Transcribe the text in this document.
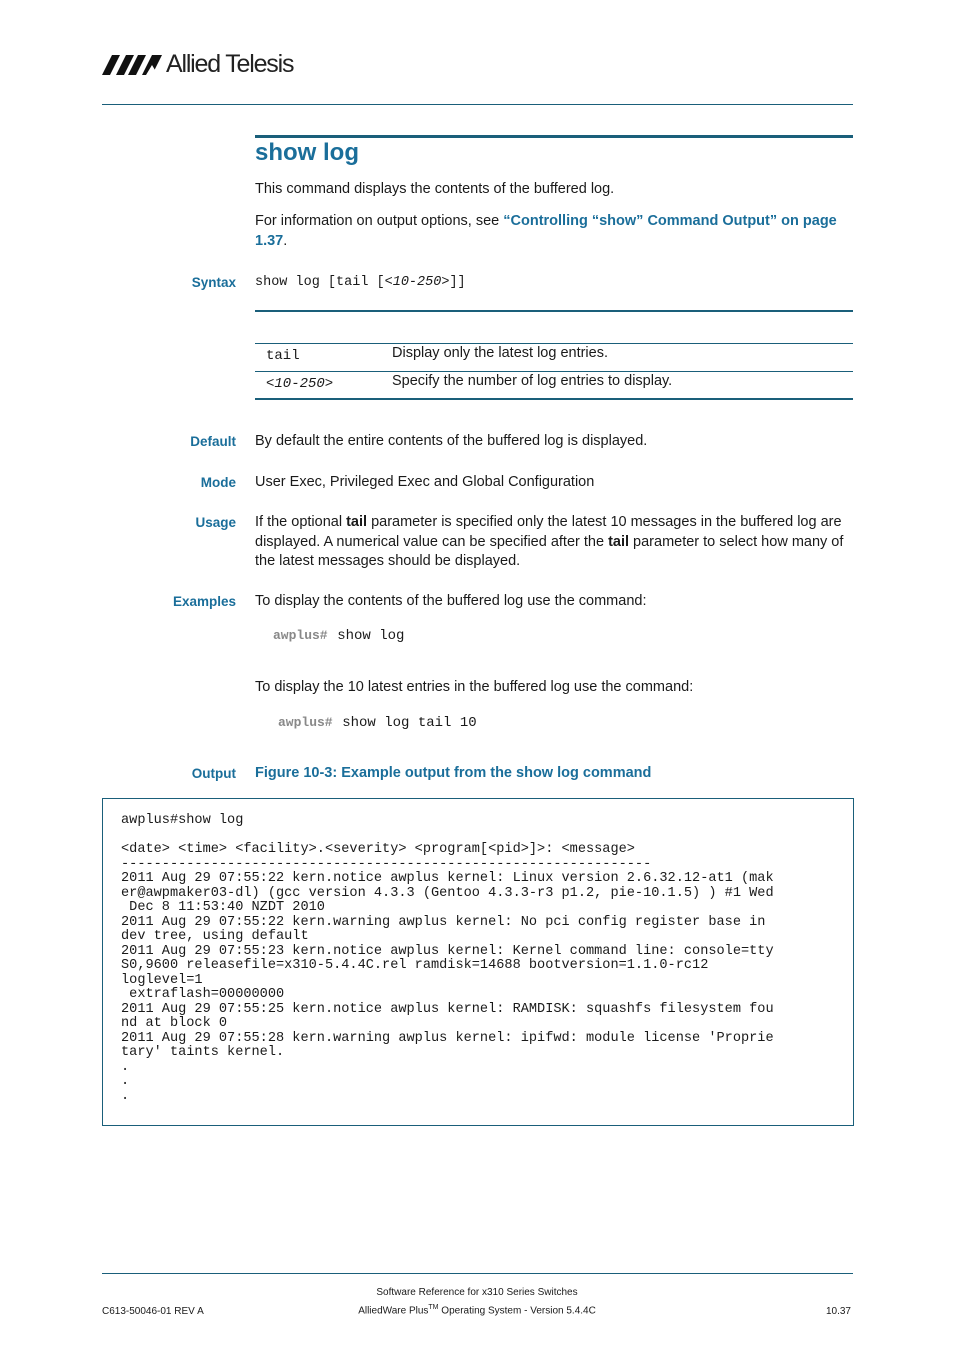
Allied Telesis
show log
This command displays the contents of the buffered log.
For information on output options, see “Controlling “show” Command Output” on page 1.37.
Syntax show log [tail [<10-250>]]
tail	Display only the latest log entries.
<10-250>	Specify the number of log entries to display.
Default By default the entire contents of the buffered log is displayed.
Mode User Exec, Privileged Exec and Global Configuration
Usage If the optional tail parameter is specified only the latest 10 messages in the buffered log are displayed. A numerical value can be specified after the tail parameter to select how many of the latest messages should be displayed.
Examples To display the contents of the buffered log use the command:
awplus# show log
To display the 10 latest entries in the buffered log use the command:
awplus# show log tail 10
Output Figure 10-3: Example output from the show log command
awplus#show log

<date> <time> <facility>.<severity> <program[<pid>]>: <message>
-----------------------------------------------------------------
2011 Aug 29 07:55:22 kern.notice awplus kernel: Linux version 2.6.32.12-at1 (mak
er@awpmaker03-dl) (gcc version 4.3.3 (Gentoo 4.3.3-r3 p1.2, pie-10.1.5) ) #1 Wed
Dec 8 11:53:40 NZDT 2010
2011 Aug 29 07:55:22 kern.warning awplus kernel: No pci config register base in
dev tree, using default
2011 Aug 29 07:55:23 kern.notice awplus kernel: Kernel command line: console=tty
S0,9600 releasefile=x310-5.4.4C.rel ramdisk=14688 bootversion=1.1.0-rc12
loglevel=1
extraflash=00000000
2011 Aug 29 07:55:25 kern.notice awplus kernel: RAMDISK: squashfs filesystem fou
nd at block 0
2011 Aug 29 07:55:28 kern.warning awplus kernel: ipifwd: module license 'Proprie
tary' taints kernel.
.
.
.
C613-50046-01 REV A
Software Reference for x310 Series Switches
AlliedWare Plus™ Operating System - Version 5.4.4C	10.37
